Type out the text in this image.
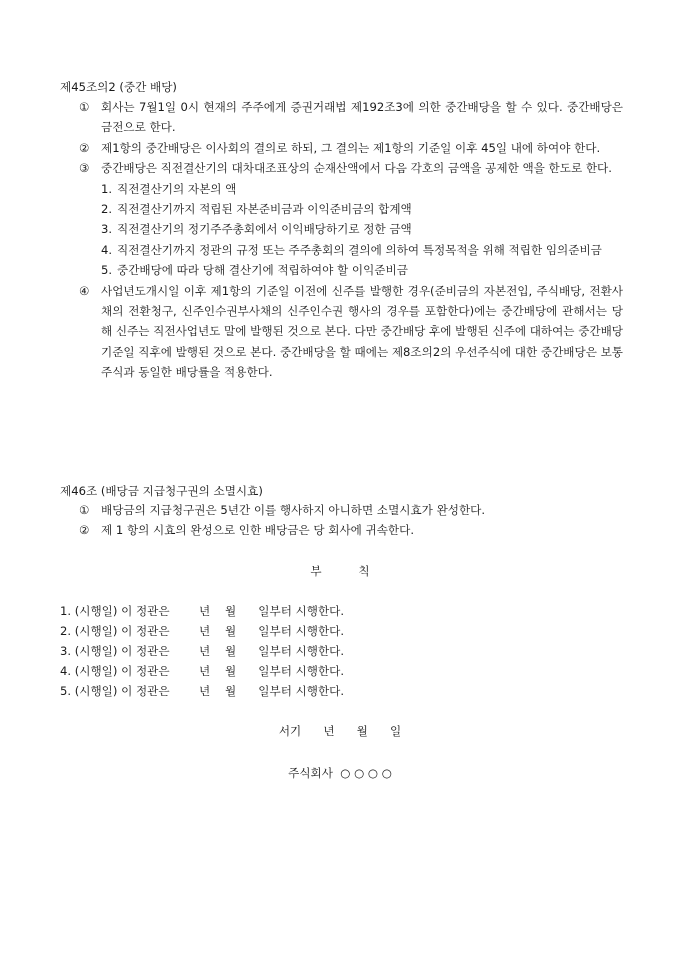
제45조의2 (중간 배당)
① 회사는 7월1일 0시 현재의 주주에게 증권거래법 제192조3에 의한 중간배당을 할 수 있다. 중간배당은 금전으로 한다.
② 제1항의 중간배당은 이사회의 결의로 하되, 그 결의는 제1항의 기준일 이후 45일 내에 하여야 한다.
③ 중간배당은 직전결산기의 대차대조표상의 순재산액에서 다음 각호의 금액을 공제한 액을 한도로 한다.
1. 직전결산기의 자본의 액
2. 직전결산기까지 적립된 자본준비금과 이익준비금의 합계액
3. 직전결산기의 정기주주총회에서 이익배당하기로 정한 금액
4. 직전결산기까지 정관의 규정 또는 주주총회의 결의에 의하여 특정목적을 위해 적립한 임의준비금
5. 중간배당에 따라 당해 결산기에 적립하여야 할 이익준비금
④ 사업년도개시일 이후 제1항의 기준일 이전에 신주를 발행한 경우(준비금의 자본전입, 주식배당, 전환사채의 전환청구, 신주인수권부사채의 신주인수권 행사의 경우를 포함한다)에는 중간배당에 관해서는 당해 신주는 직전사업년도 말에 발행된 것으로 본다. 다만 중간배당 후에 발행된 신주에 대하여는 중간배당기준일 직후에 발행된 것으로 본다. 중간배당을 할 때에는 제8조의2의 우선주식에 대한 중간배당은 보통주식과 동일한 배당률을 적용한다.
제46조 (배당금 지급청구권의 소멸시효)
① 배당금의 지급청구권은 5년간 이를 행사하지 아니하면 소멸시효가 완성한다.
② 제 1 항의 시효의 완성으로 인한 배당금은 당 회사에 귀속한다.
부          칙
1. (시행일) 이 정관은        년    월      일부터 시행한다.
2. (시행일) 이 정관은        년    월      일부터 시행한다.
3. (시행일) 이 정관은        년    월      일부터 시행한다.
4. (시행일) 이 정관은        년    월      일부터 시행한다.
5. (시행일) 이 정관은        년    월      일부터 시행한다.
서기      년      월      일
주식회사  ○ ○ ○ ○
